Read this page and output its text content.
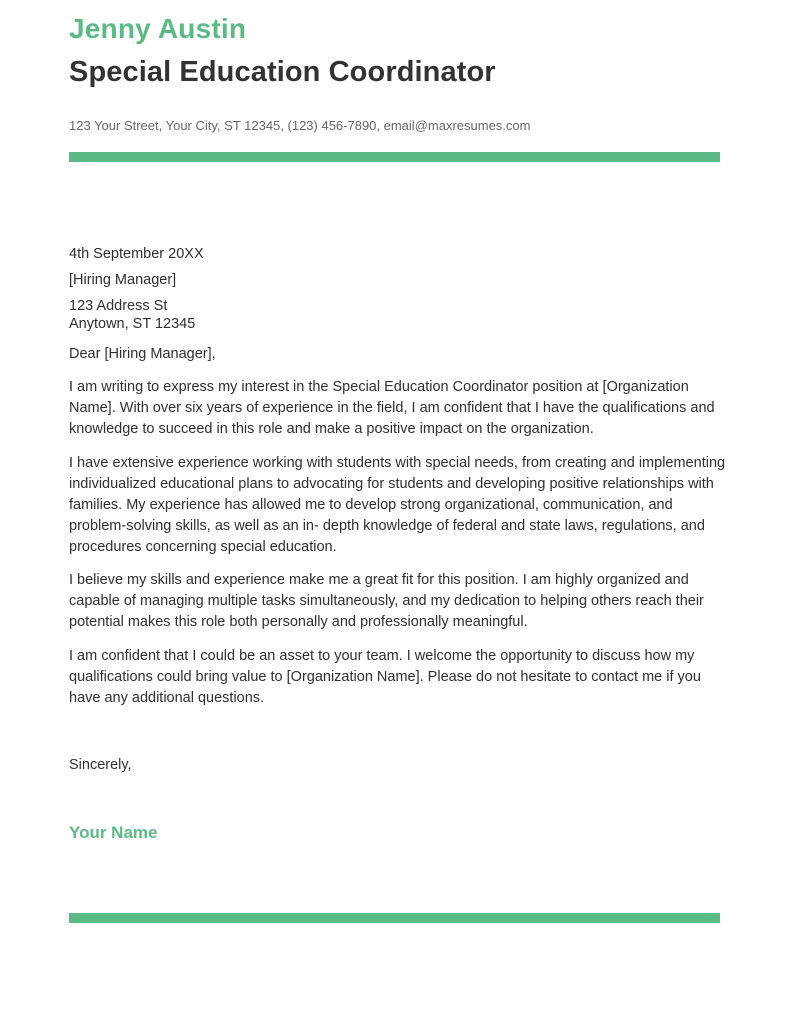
Jenny Austin
Special Education Coordinator

123 Your Street, Your City, ST 12345, (123) 456-7890, email@maxresumes.com

4th September 20XX

[Hiring Manager]

123 Address St

Anytown, ST 12345

Dear [Hiring Manager],

I am writing to express my interest in the Special Education Coordinator position at [Organization Name]. With over six years of experience in the field, I am confident that I have the qualifications and knowledge to succeed in this role and make a positive impact on the organization.

I have extensive experience working with students with special needs, from creating and implementing individualized educational plans to advocating for students and developing positive relationships with families. My experience has allowed me to develop strong organizational, communication, and problem-solving skills, as well as an in- depth knowledge of federal and state laws, regulations, and procedures concerning special education.

I believe my skills and experience make me a great fit for this position. I am highly organized and capable of managing multiple tasks simultaneously, and my dedication to helping others reach their potential makes this role both personally and professionally meaningful.

I am confident that I could be an asset to your team. I welcome the opportunity to discuss how my qualifications could bring value to [Organization Name]. Please do not hesitate to contact me if you have any additional questions.

Sincerely,

Your Name
